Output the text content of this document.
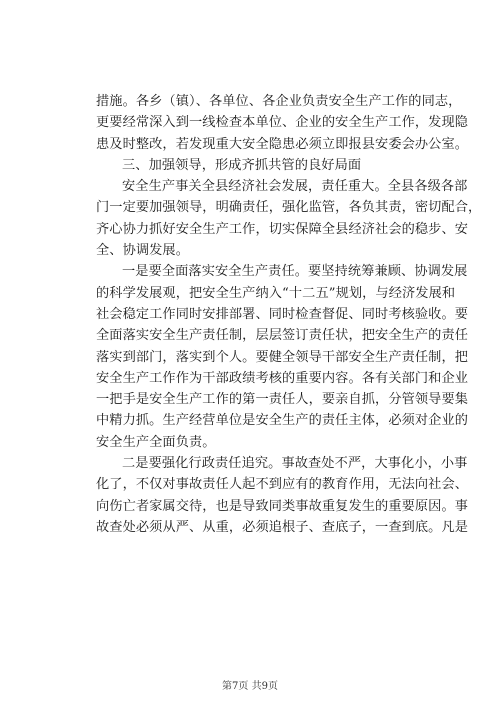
措施。各乡（镇）、各单位、各企业负责安全生产工作的同志，
更要经常深入到一线检查本单位、企业的安全生产工作，发现隐
患及时整改，若发现重大安全隐患必须立即报县安委会办公室。
三、加强领导，形成齐抓共管的良好局面
安全生产事关全县经济社会发展，责任重大。全县各级各部
门一定要加强领导，明确责任，强化监管，各负其责，密切配合，
齐心协力抓好安全生产工作，切实保障全县经济社会的稳步、安
全、协调发展。
一是要全面落实安全生产责任。要坚持统筹兼顾、协调发展
的科学发展观，把安全生产纳入“十二五”规划，与经济发展和
社会稳定工作同时安排部署、同时检查督促、同时考核验收。要
全面落实安全生产责任制，层层签订责任状，把安全生产的责任
落实到部门，落实到个人。要健全领导干部安全生产责任制，把
安全生产工作作为干部政绩考核的重要内容。各有关部门和企业
一把手是安全生产工作的第一责任人，要亲自抓，分管领导要集
中精力抓。生产经营单位是安全生产的责任主体，必须对企业的
安全生产全面负责。
二是要强化行政责任追究。事故查处不严，大事化小，小事
化了，不仅对事故责任人起不到应有的教育作用，无法向社会、
向伤亡者家属交待，也是导致同类事故重复发生的重要原因。事
故查处必须从严、从重，必须追根子、查底子，一查到底。凡是
第7页 共9页
